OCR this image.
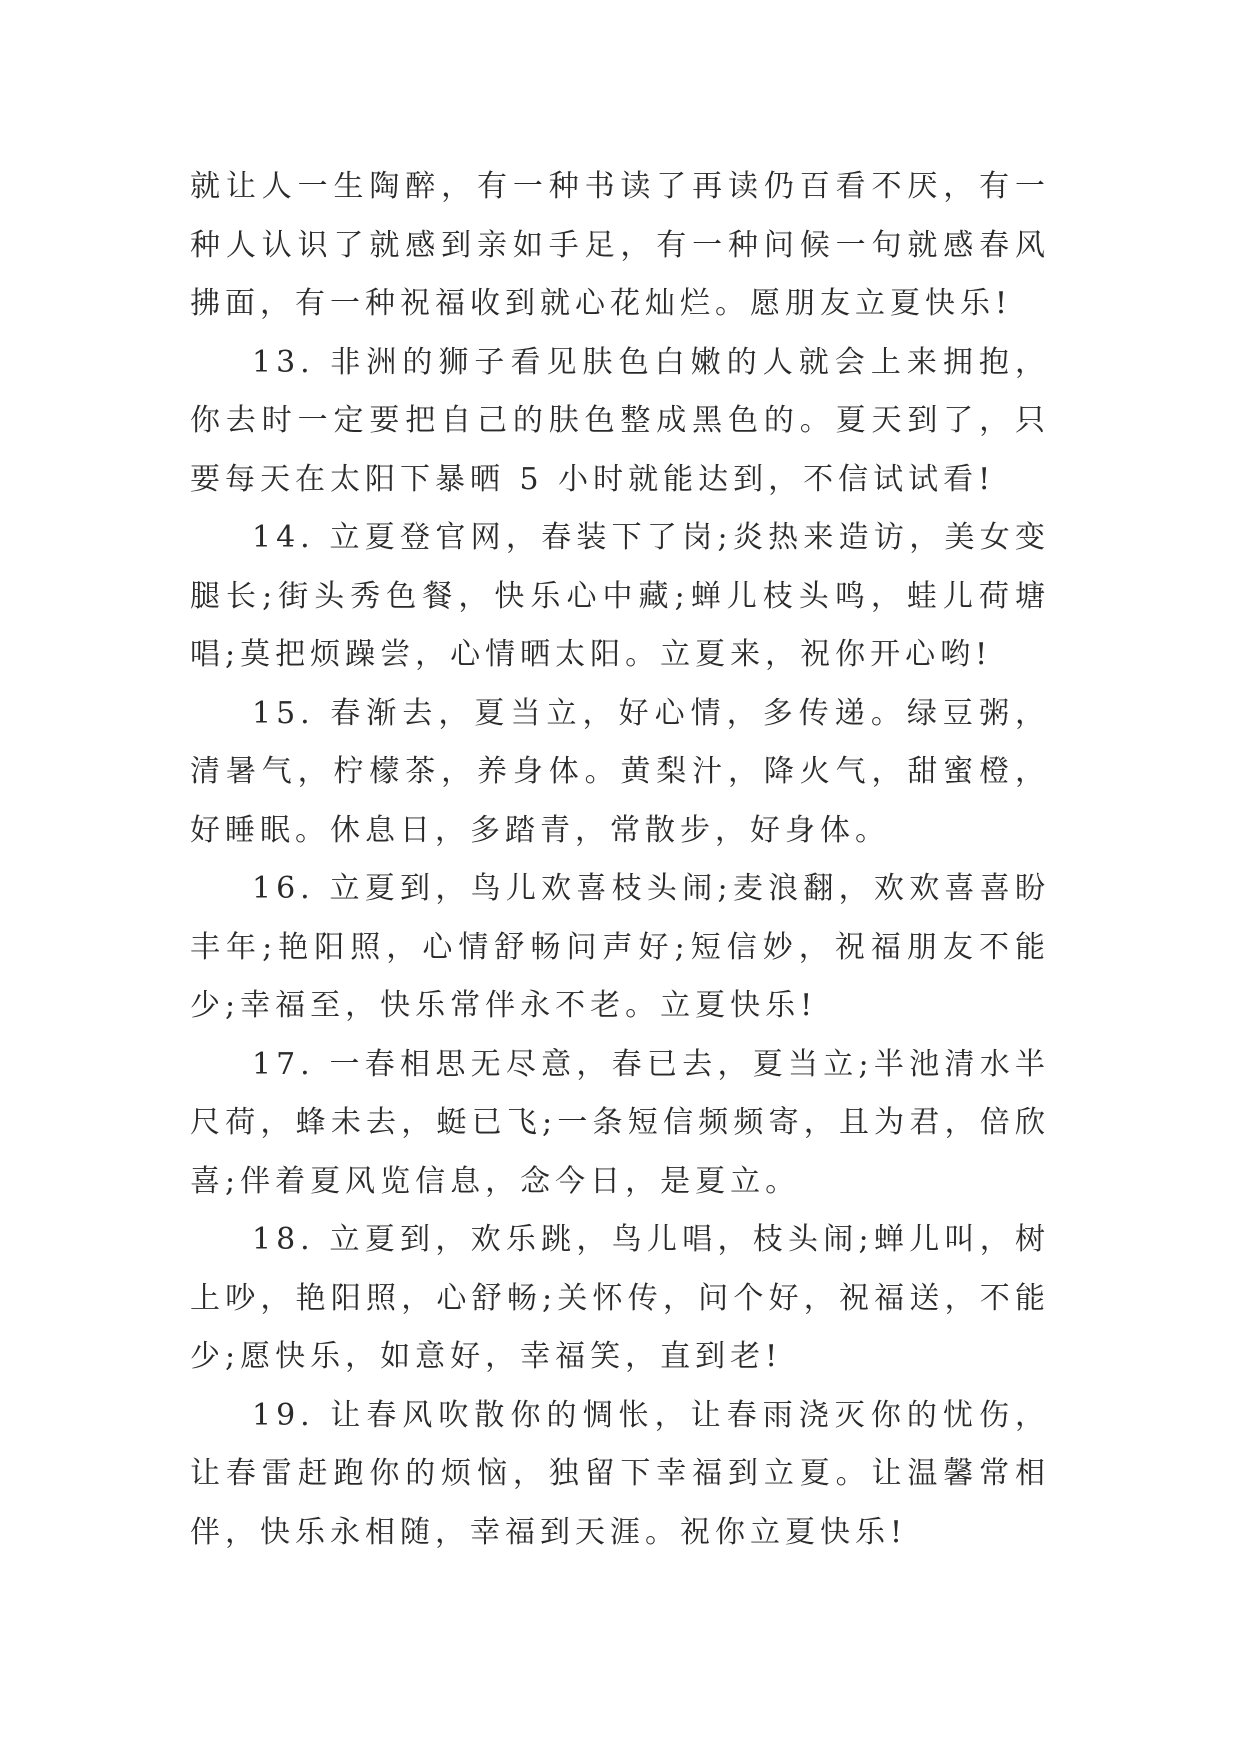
就让人一生陶醉，有一种书读了再读仍百看不厌，有一种人认识了就感到亲如手足，有一种问候一句就感春风拂面，有一种祝福收到就心花灿烂。愿朋友立夏快乐!

13. 非洲的狮子看见肤色白嫩的人就会上来拥抱，你去时一定要把自己的肤色整成黑色的。夏天到了，只要每天在太阳下暴晒 5 小时就能达到，不信试试看!

14. 立夏登官网，春装下了岗;炎热来造访，美女变腿长;街头秀色餐，快乐心中藏;蝉儿枝头鸣，蛙儿荷塘唱;莫把烦躁尝，心情晒太阳。立夏来，祝你开心哟!

15. 春渐去，夏当立，好心情，多传递。绿豆粥，清暑气，柠檬茶，养身体。黄梨汁，降火气，甜蜜橙，好睡眠。休息日，多踏青，常散步，好身体。

16. 立夏到，鸟儿欢喜枝头闹;麦浪翻，欢欢喜喜盼丰年;艳阳照，心情舒畅问声好;短信妙，祝福朋友不能少;幸福至，快乐常伴永不老。立夏快乐!

17. 一春相思无尽意，春已去，夏当立;半池清水半尺荷，蜂未去，蜓已飞;一条短信频频寄，且为君，倍欣喜;伴着夏风览信息，念今日，是夏立。

18. 立夏到，欢乐跳，鸟儿唱，枝头闹;蝉儿叫，树上吵，艳阳照，心舒畅;关怀传，问个好，祝福送，不能少;愿快乐，如意好，幸福笑，直到老!

19. 让春风吹散你的惆怅，让春雨浇灭你的忧伤，让春雷赶跑你的烦恼，独留下幸福到立夏。让温馨常相伴，快乐永相随，幸福到天涯。祝你立夏快乐!
